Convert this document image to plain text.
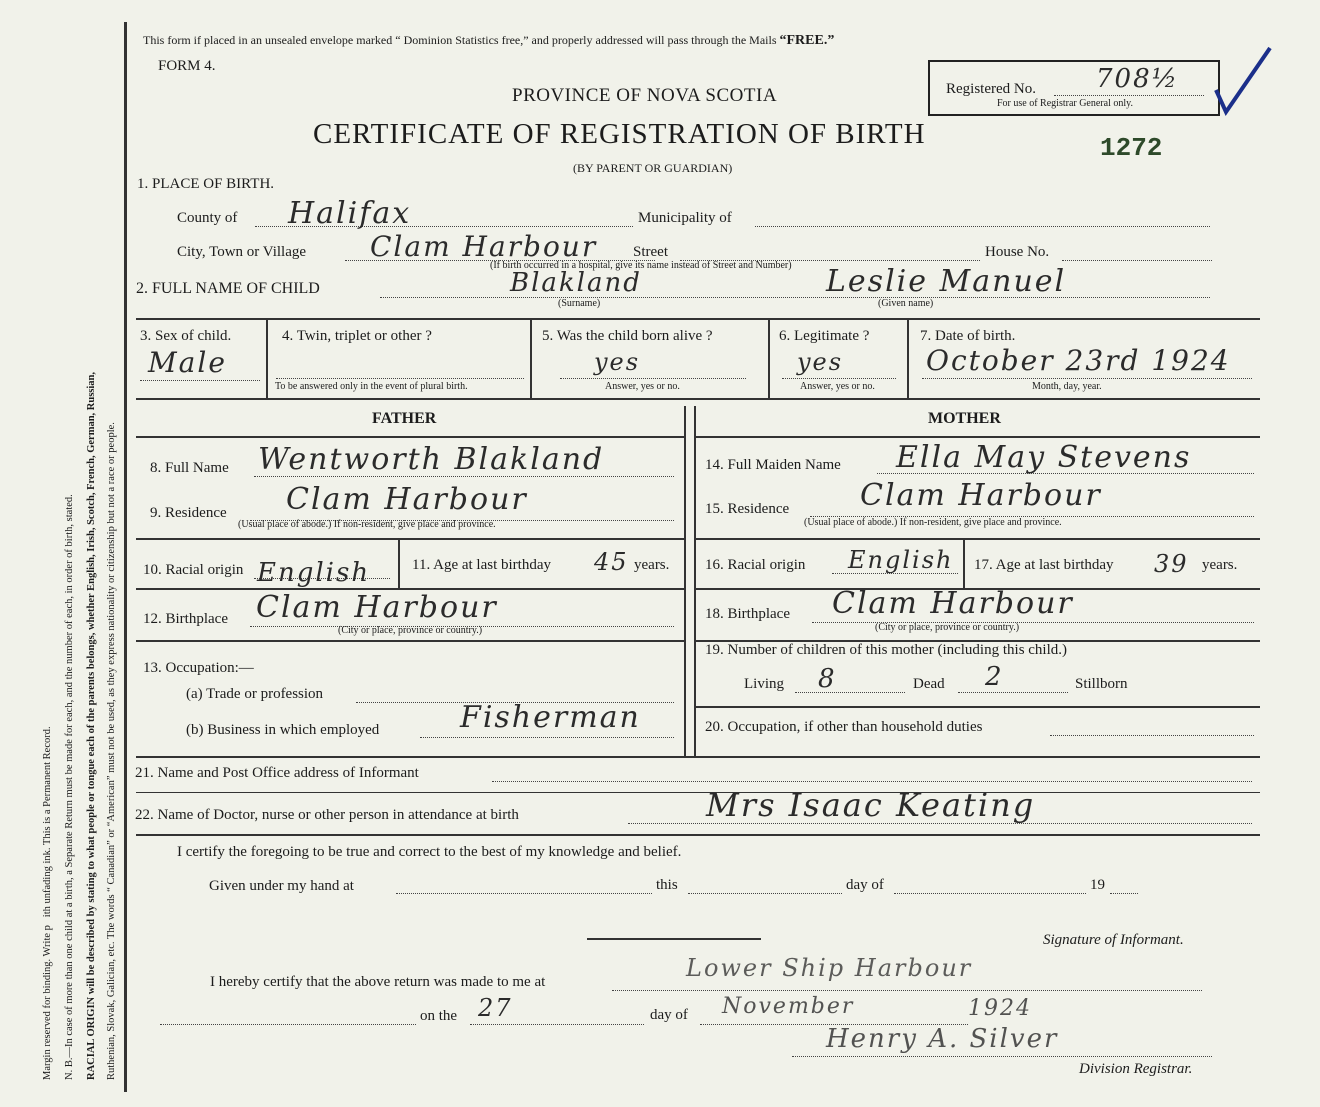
Margin reserved for binding. Write p   ith unfading ink. This is a Permanent Record. N. B.—In case of more than one child at a birth, a Separate Return must be made for each, and the number of each, in order of birth, stated. RACIAL ORIGIN will be described by stating to what people or tongue each of the parents belongs, whether English, Irish, Scotch, French, German, Russian, Ruthenian, Slovak, Galician, etc. The words “ Canadian” or “American” must not be used, as they express nationality or citizenship but not a race or people.
This form if placed in an unsealed envelope marked “ Dominion Statistics free,” and properly addressed will pass through the Mails “FREE.”
FORM 4.
PROVINCE OF NOVA SCOTIA
CERTIFICATE OF REGISTRATION OF BIRTH
(BY PARENT OR GUARDIAN)
1272
Registered No. 708½
For use of Registrar General only.
1. PLACE OF BIRTH.
County of Halifax	Municipality of
City, Town or Village Clam Harbour Street	House No.
(If birth occurred in a hospital, give its name instead of Street and Number)
2. FULL NAME OF CHILD	Blakland
(Surname)
Leslie Manuel
(Given name)
3. Sex of child.
Male
4. Twin, triplet or other ?
To be answered only in the event of plural birth.
5. Was the child born alive ?
yes
Answer, yes or no.
6. Legitimate ?
yes
Answer, yes or no.
7. Date of birth.
October 23rd 1924
Month, day, year.
FATHER	MOTHER
8. Full Name Wentworth Blakland
9. Residence Clam Harbour
(Usual place of abode.) If non-resident, give place and province.
10. Racial origin English	11. Age at last birthday 45 years.
12. Birthplace Clam Harbour
(City or place, province or country.)
13. Occupation:—
(a) Trade or profession
(b) Business in which employed	Fisherman
14. Full Maiden Name Ella May Stevens
15. Residence Clam Harbour
(Usual place of abode.) If non-resident, give place and province.
16. Racial origin English 17. Age at last birthday 39 years.
18. Birthplace Clam Harbour
(City or place, province or country.)
19. Number of children of this mother (including this child.)
Living 8	Dead 2	Stillborn
20. Occupation, if other than household duties
21. Name and Post Office address of Informant
22. Name of Doctor, nurse or other person in attendance at birth	Mrs Isaac Keating
I certify the foregoing to be true and correct to the best of my knowledge and belief.
Given under my hand at	this	day of	19
Signature of Informant.
I hereby certify that the above return was made to me at	Lower Ship Harbour
on the 27	day of November	1924
Henry A. Silver
Division Registrar.
